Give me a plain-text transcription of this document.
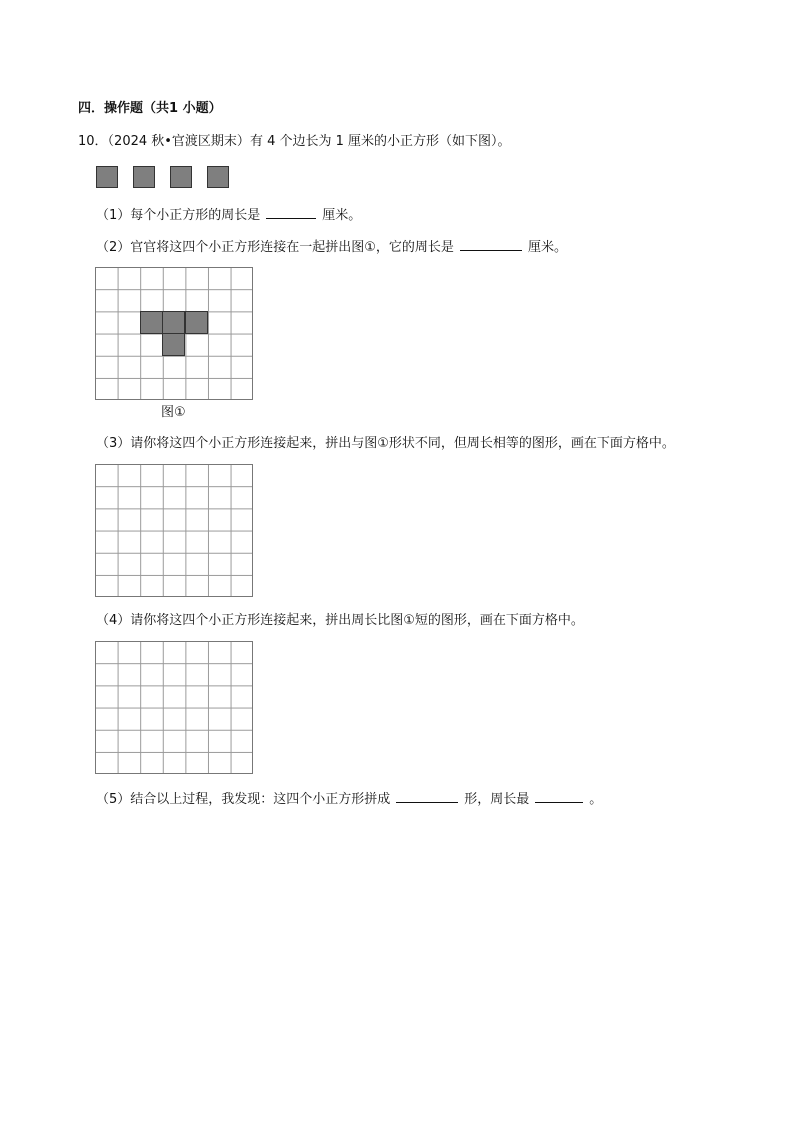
四．操作题（共1 小题）
10．（2024 秋•官渡区期末）有 4 个边长为 1 厘米的小正方形（如下图）。
（1）每个小正方形的周长是	厘米。
（2）官官将这四个小正方形连接在一起拼出图①，它的周长是	厘米。
图①
（3）请你将这四个小正方形连接起来，拼出与图①形状不同，但周长相等的图形，画在下面方格中。
（4）请你将这四个小正方形连接起来，拼出周长比图①短的图形，画在下面方格中。
（5）结合以上过程，我发现：这四个小正方形拼成	形，周长最	。
